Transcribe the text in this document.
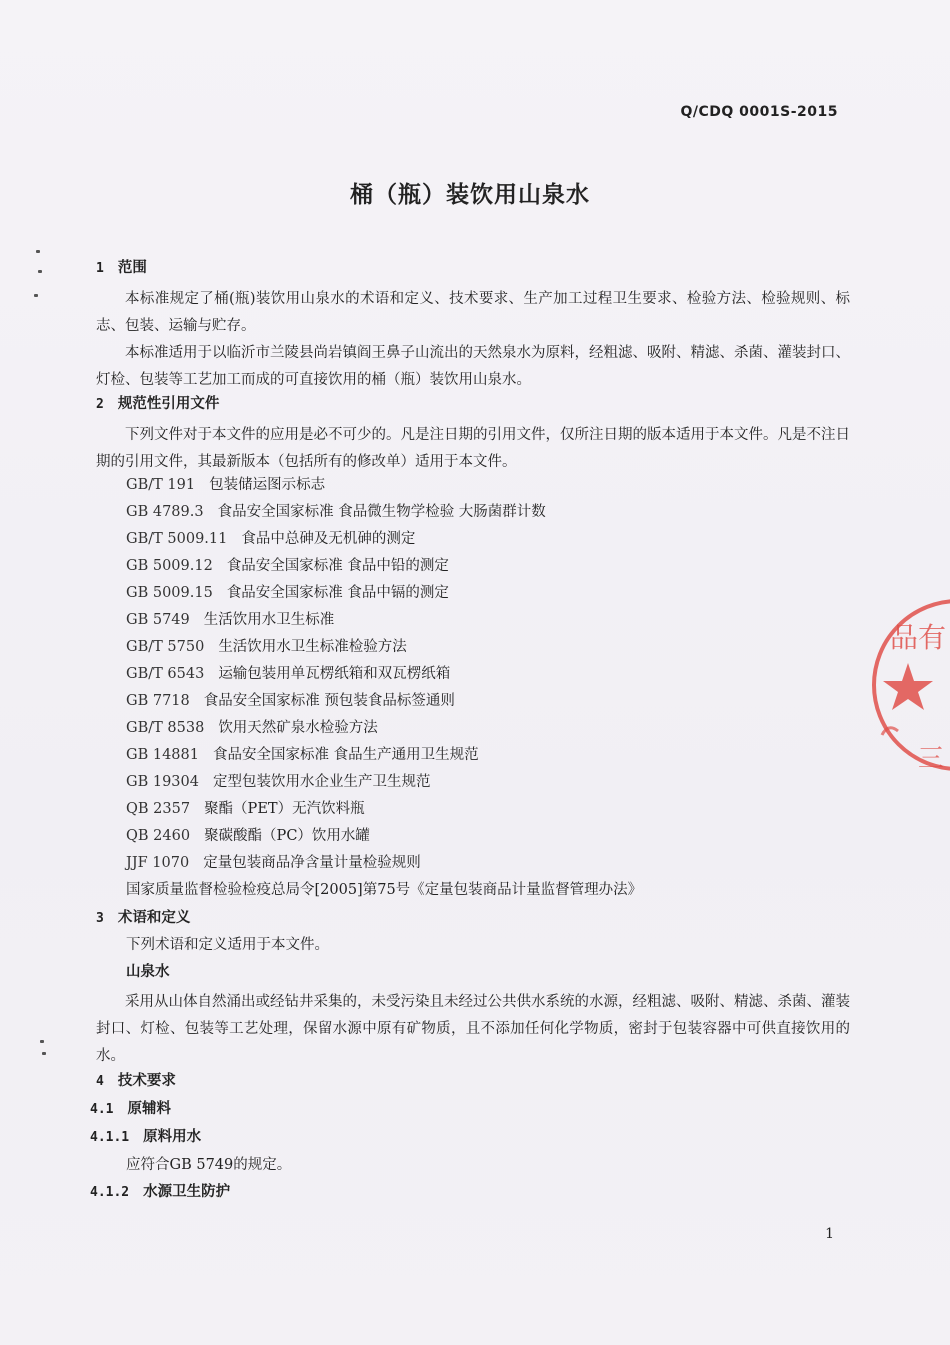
Q/CDQ 0001S-2015
桶（瓶）装饮用山泉水
1 范围
本标准规定了桶(瓶)装饮用山泉水的术语和定义、技术要求、生产加工过程卫生要求、检验方法、检验规则、标志、包装、运输与贮存。
本标准适用于以临沂市兰陵县尚岩镇阎王鼻子山流出的天然泉水为原料，经粗滤、吸附、精滤、杀菌、灌装封口、灯检、包装等工艺加工而成的可直接饮用的桶（瓶）装饮用山泉水。
2 规范性引用文件
下列文件对于本文件的应用是必不可少的。凡是注日期的引用文件，仅所注日期的版本适用于本文件。凡是不注日期的引用文件，其最新版本（包括所有的修改单）适用于本文件。
GB/T 191 包装储运图示标志
GB 4789.3 食品安全国家标准 食品微生物学检验 大肠菌群计数
GB/T 5009.11 食品中总砷及无机砷的测定
GB 5009.12 食品安全国家标准 食品中铅的测定
GB 5009.15 食品安全国家标准 食品中镉的测定
GB 5749 生活饮用水卫生标准
GB/T 5750 生活饮用水卫生标准检验方法
GB/T 6543 运输包装用单瓦楞纸箱和双瓦楞纸箱
GB 7718 食品安全国家标准 预包装食品标签通则
GB/T 8538 饮用天然矿泉水检验方法
GB 14881 食品安全国家标准 食品生产通用卫生规范
GB 19304 定型包装饮用水企业生产卫生规范
QB 2357 聚酯（PET）无汽饮料瓶
QB 2460 聚碳酸酯（PC）饮用水罐
JJF 1070 定量包装商品净含量计量检验规则
国家质量监督检验检疫总局令[2005]第75号《定量包装商品计量监督管理办法》
3 术语和定义
下列术语和定义适用于本文件。
山泉水
采用从山体自然涌出或经钻井采集的，未受污染且未经过公共供水系统的水源，经粗滤、吸附、精滤、杀菌、灌装封口、灯检、包装等工艺处理，保留水源中原有矿物质，且不添加任何化学物质，密封于包装容器中可供直接饮用的水。
4 技术要求
4.1 原辅料
4.1.1 原料用水
应符合GB 5749的规定。
4.1.2 水源卫生防护
1
品有
三
